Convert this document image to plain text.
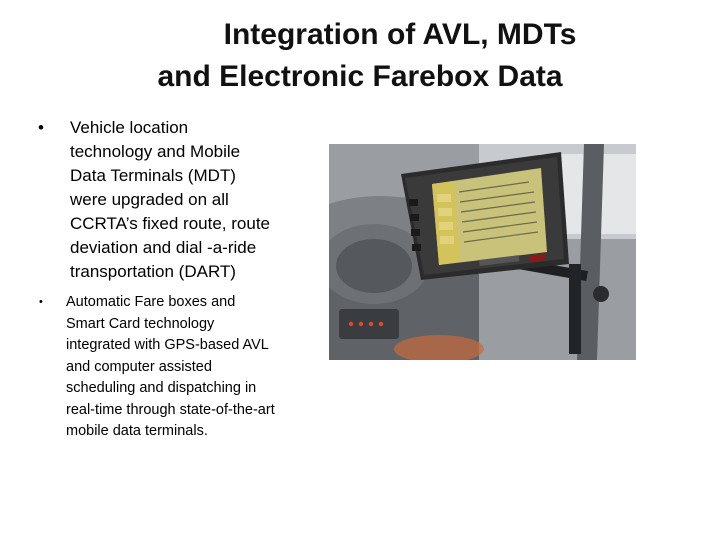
Integration of AVL, MDTs
and Electronic Farebox Data
• Vehicle location technology and Mobile Data Terminals (MDT) were upgraded on all CCRTA’s fixed route, route deviation and dial -a-ride transportation (DART)
• Automatic Fare boxes and Smart Card technology integrated with GPS-based AVL and computer assisted scheduling and dispatching in real-time through state-of-the-art mobile data terminals.
